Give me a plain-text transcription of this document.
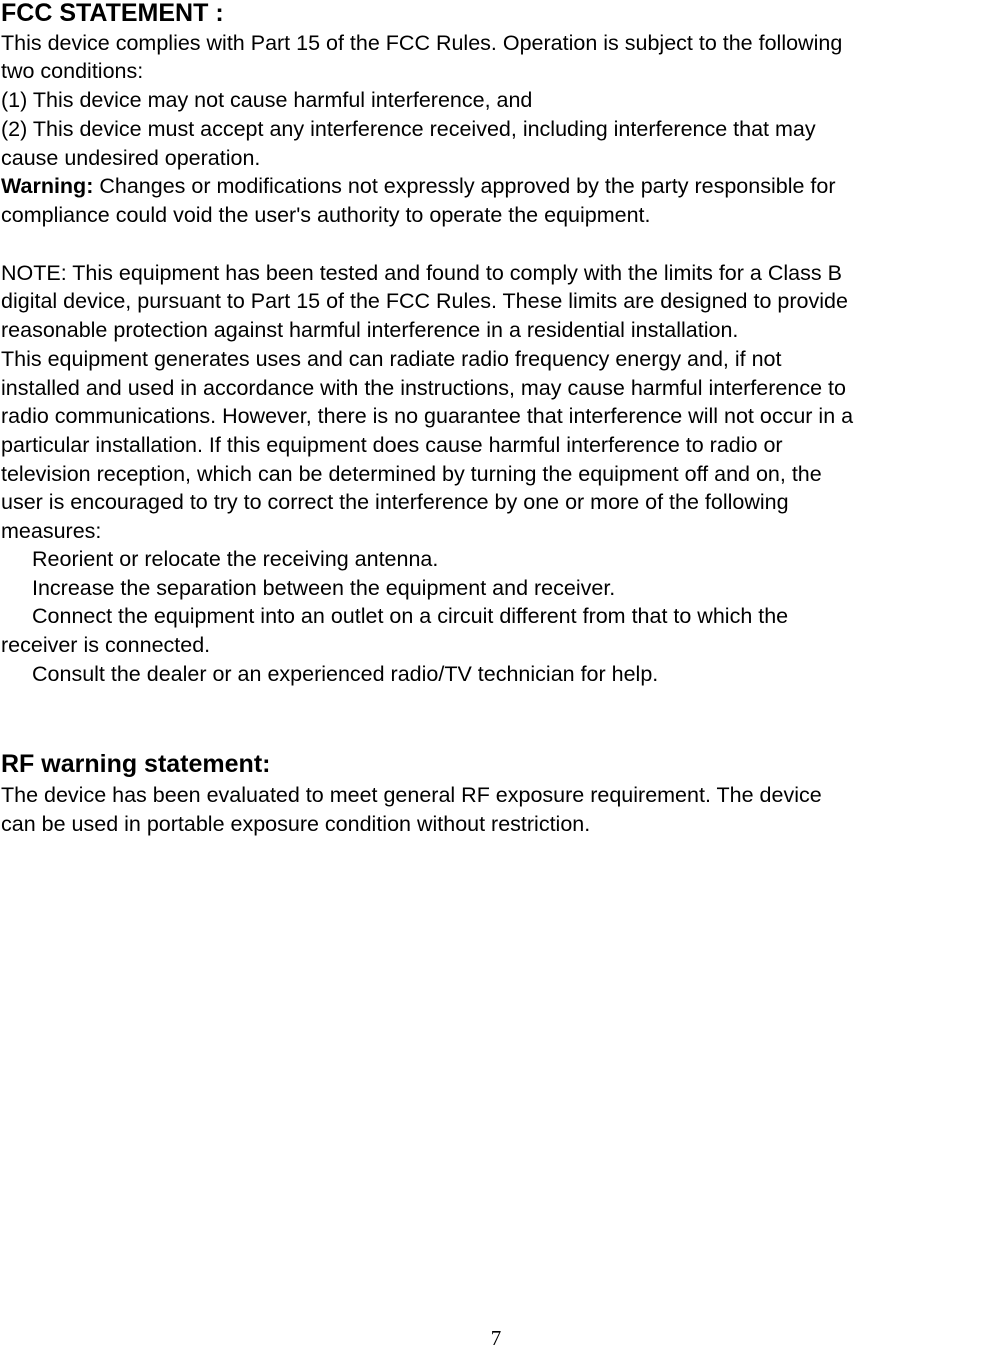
FCC STATEMENT :
This device complies with Part 15 of the FCC Rules. Operation is subject to the following
two conditions:
(1) This device may not cause harmful interference, and
(2) This device must accept any interference received, including interference that may
cause undesired operation.
Warning: Changes or modifications not expressly approved by the party responsible for
compliance could void the user's authority to operate the equipment.
NOTE: This equipment has been tested and found to comply with the limits for a Class B
digital device, pursuant to Part 15 of the FCC Rules. These limits are designed to provide
reasonable protection against harmful interference in a residential installation.
This equipment generates uses and can radiate radio frequency energy and, if not
installed and used in accordance with the instructions, may cause harmful interference to
radio communications. However, there is no guarantee that interference will not occur in a
particular installation. If this equipment does cause harmful interference to radio or
television reception, which can be determined by turning the equipment off and on, the
user is encouraged to try to correct the interference by one or more of the following
measures:
Reorient or relocate the receiving antenna.
Increase the separation between the equipment and receiver.
Connect the equipment into an outlet on a circuit different from that to which the
receiver is connected.
Consult the dealer or an experienced radio/TV technician for help.
RF warning statement:
The device has been evaluated to meet general RF exposure requirement. The device
can be used in portable exposure condition without restriction.
7
